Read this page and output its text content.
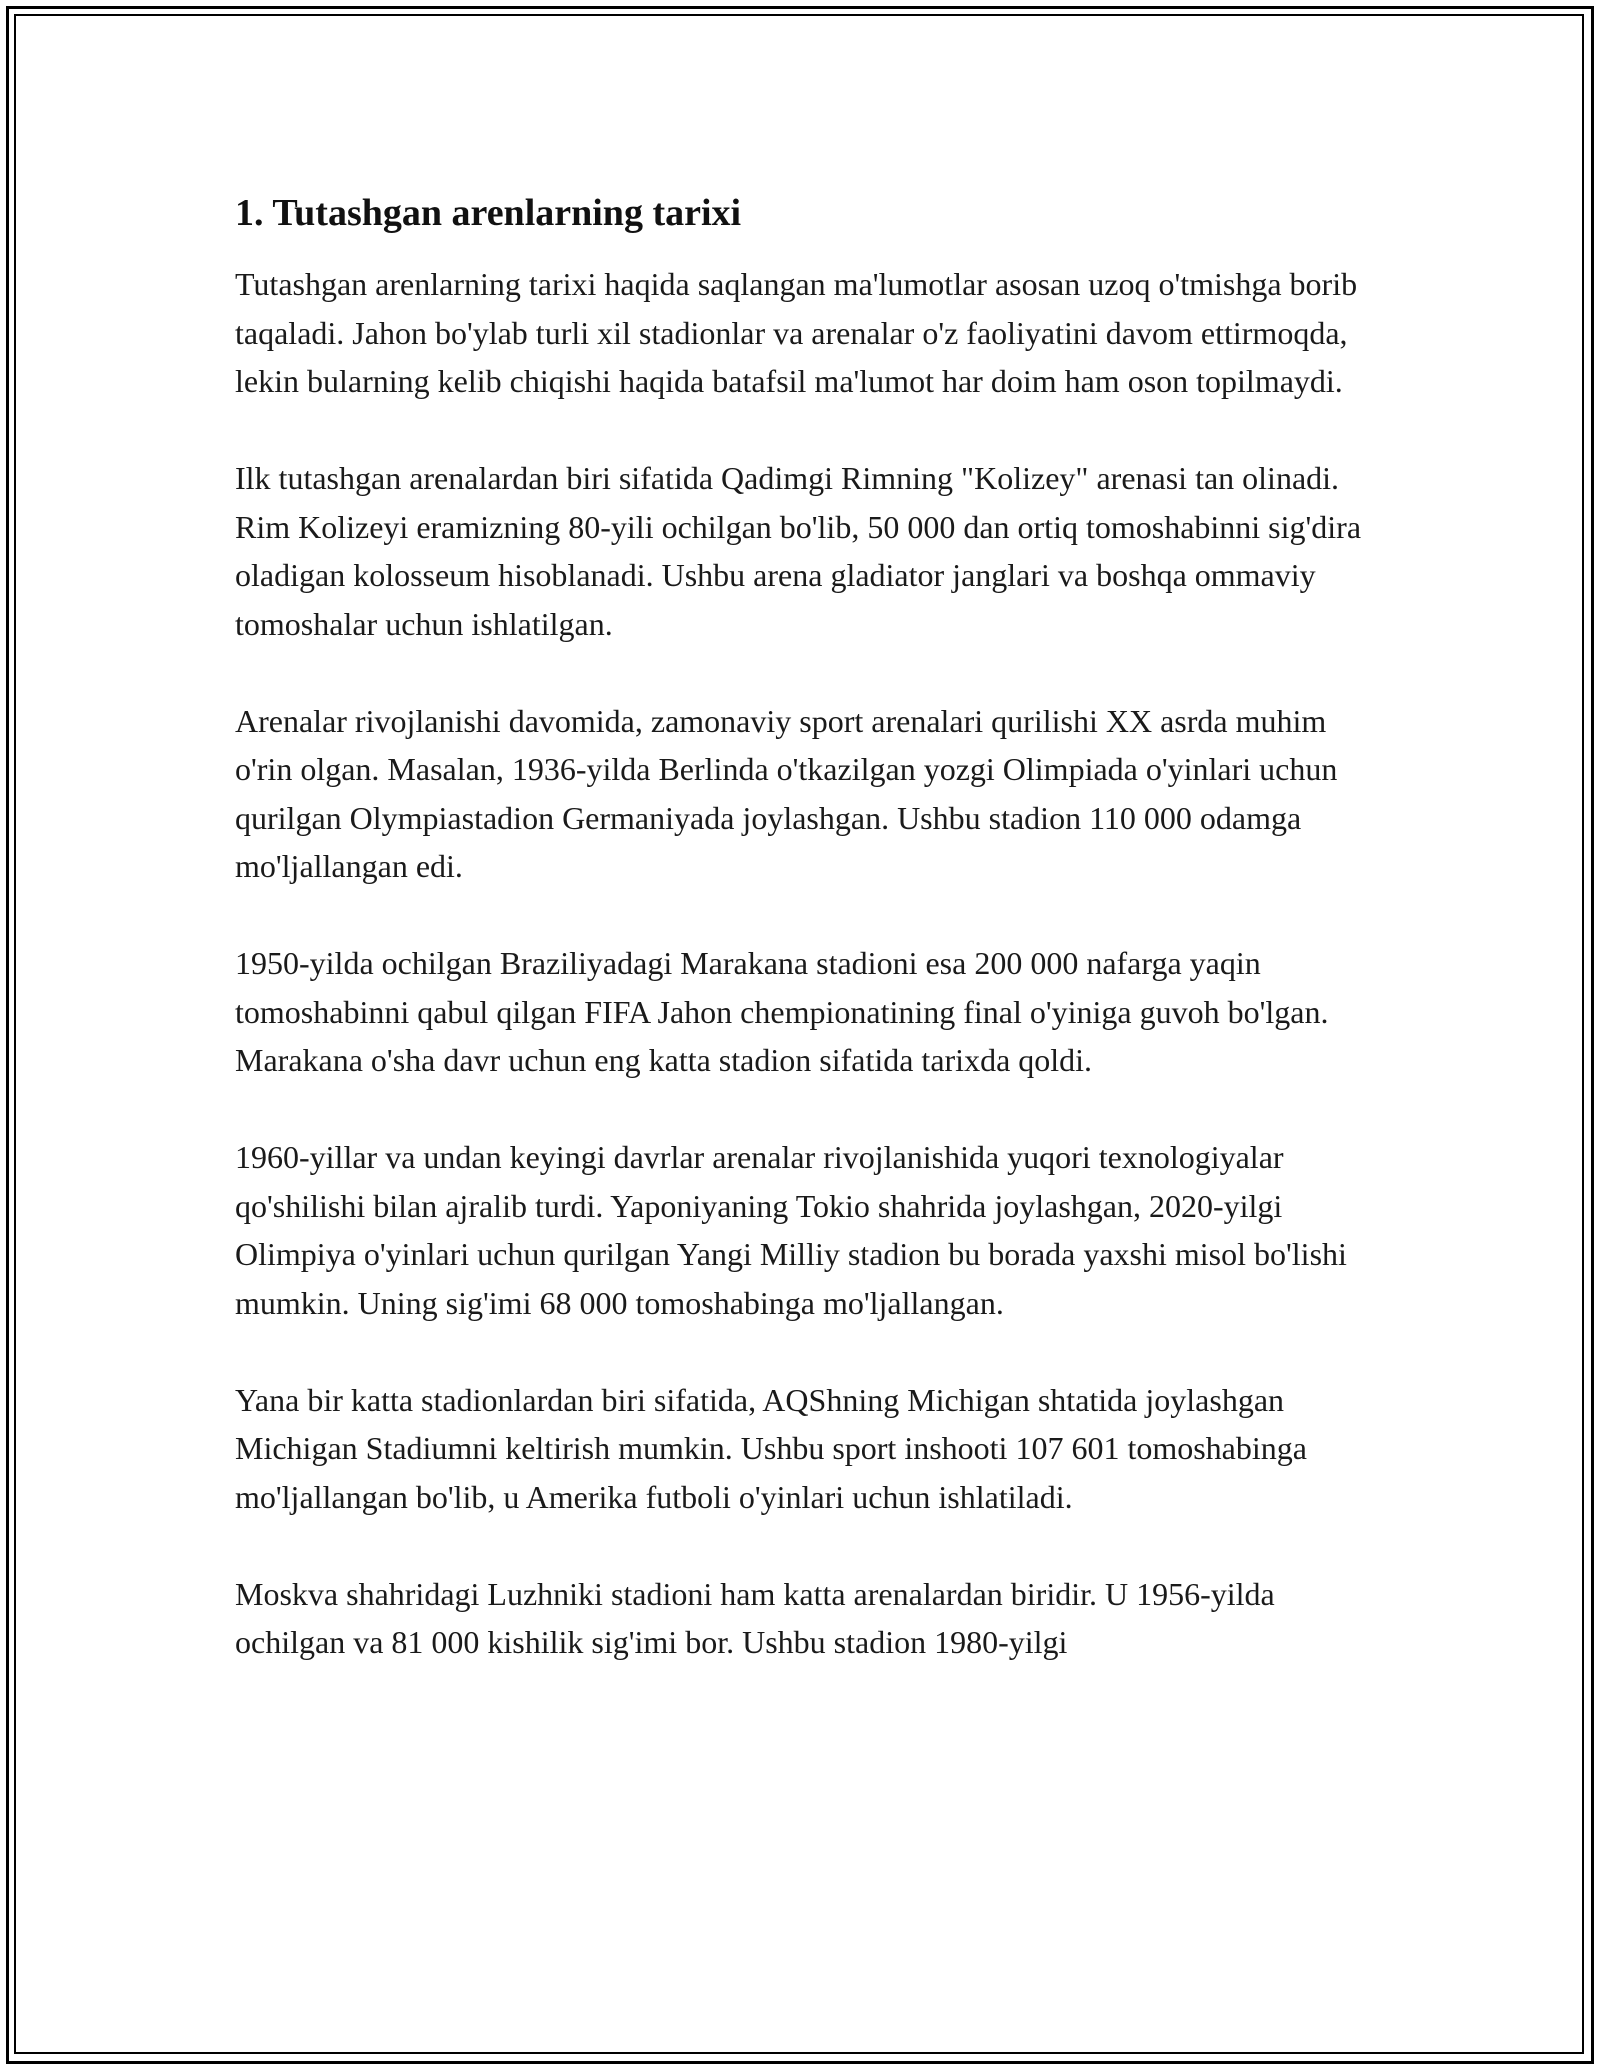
1. Tutashgan arenlarning tarixi

Tutashgan arenlarning tarixi haqida saqlangan ma'lumotlar asosan uzoq o'tmishga borib taqaladi. Jahon bo'ylab turli xil stadionlar va arenalar o'z faoliyatini davom ettirmoqda, lekin bularning kelib chiqishi haqida batafsil ma'lumot har doim ham oson topilmaydi.

Ilk tutashgan arenalardan biri sifatida Qadimgi Rimning "Kolizey" arenasi tan olinadi. Rim Kolizeyi eramizning 80-yili ochilgan bo'lib, 50 000 dan ortiq tomoshabinni sig'dira oladigan kolosseum hisoblanadi. Ushbu arena gladiator janglari va boshqa ommaviy tomoshalar uchun ishlatilgan.

Arenalar rivojlanishi davomida, zamonaviy sport arenalari qurilishi XX asrda muhim o'rin olgan. Masalan, 1936-yilda Berlinda o'tkazilgan yozgi Olimpiada o'yinlari uchun qurilgan Olympiastadion Germaniyada joylashgan. Ushbu stadion 110 000 odamga mo'ljallangan edi.

1950-yilda ochilgan Braziliyadagi Marakana stadioni esa 200 000 nafarga yaqin tomoshabinni qabul qilgan FIFA Jahon chempionatining final o'yiniga guvoh bo'lgan. Marakana o'sha davr uchun eng katta stadion sifatida tarixda qoldi.

1960-yillar va undan keyingi davrlar arenalar rivojlanishida yuqori texnologiyalar qo'shilishi bilan ajralib turdi. Yaponiyaning Tokio shahrida joylashgan, 2020-yilgi Olimpiya o'yinlari uchun qurilgan Yangi Milliy stadion bu borada yaxshi misol bo'lishi mumkin. Uning sig'imi 68 000 tomoshabinga mo'ljallangan.

Yana bir katta stadionlardan biri sifatida, AQShning Michigan shtatida joylashgan Michigan Stadiumni keltirish mumkin. Ushbu sport inshooti 107 601 tomoshabinga mo'ljallangan bo'lib, u Amerika futboli o'yinlari uchun ishlatiladi.

Moskva shahridagi Luzhniki stadioni ham katta arenalardan biridir. U 1956-yilda ochilgan va 81 000 kishilik sig'imi bor. Ushbu stadion 1980-yilgi
